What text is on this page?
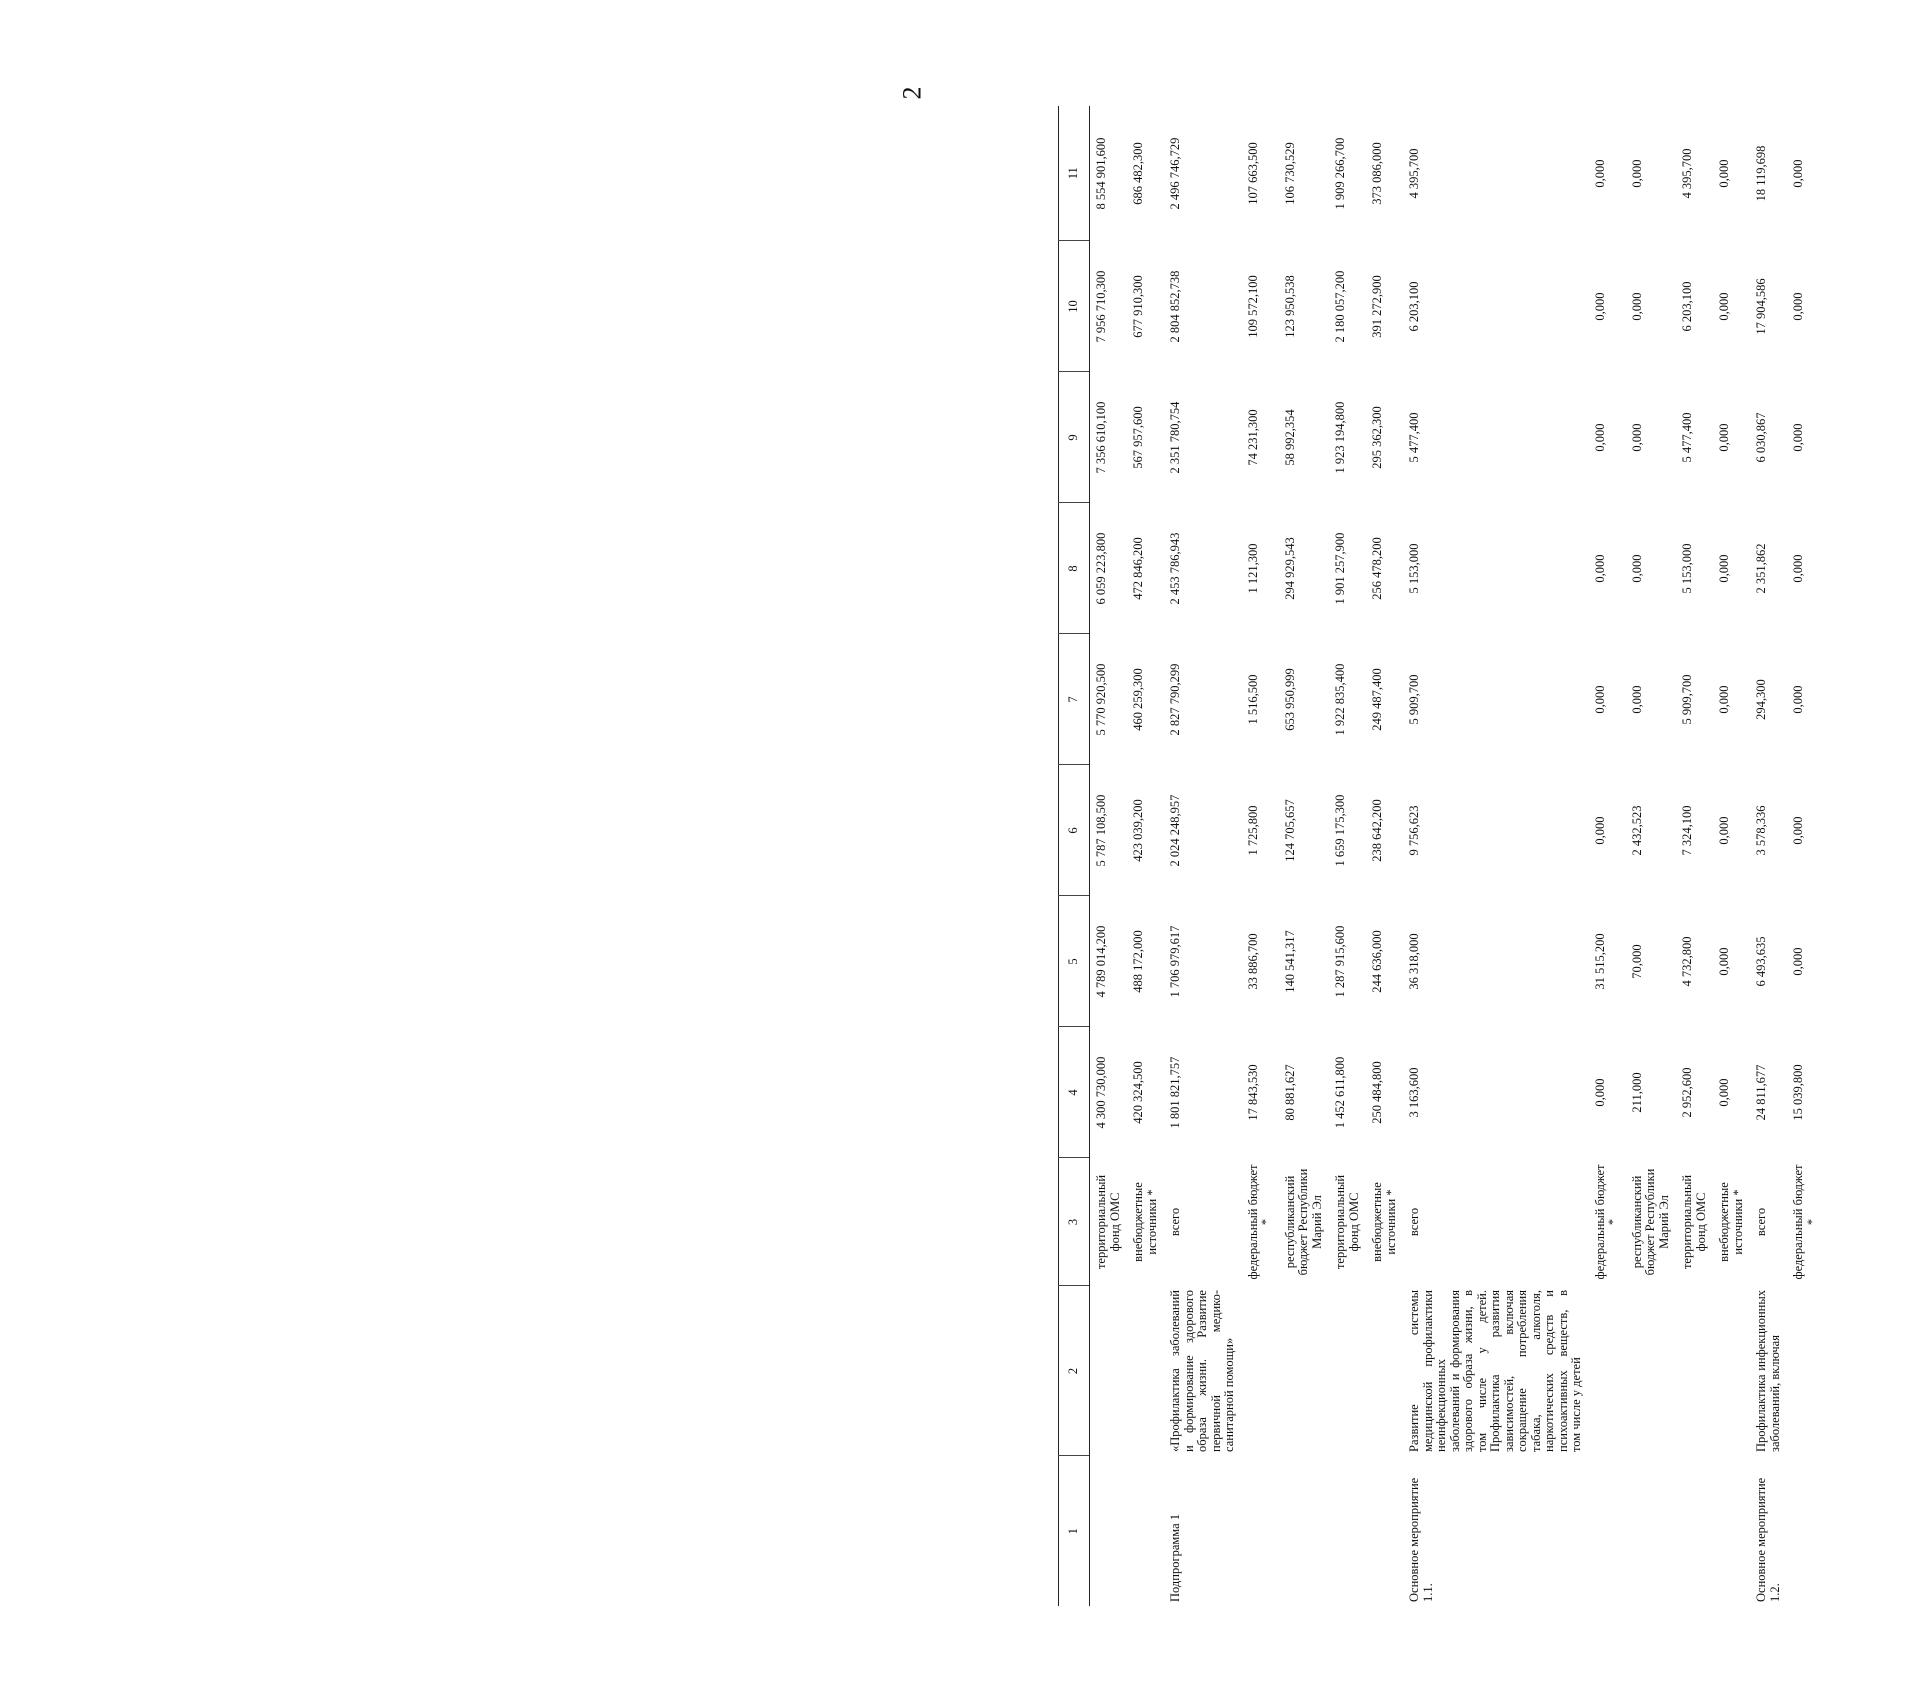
2
1	2	3	4	5	6	7	8	9	10	11
		территориальный фонд ОМС	4 300 730,000	4 789 014,200	5 787 108,500	5 770 920,500	6 059 223,800	7 356 610,100	7 956 710,300	8 554 901,600
		внебюджетные источники *	420 324,500	488 172,000	423 039,200	460 259,300	472 846,200	567 957,600	677 910,300	686 482,300
Подпрограмма 1	«Профилактика заболеваний и формирование здорового образа жизни. Развитие первичной медико-санитарной помощи»	всего	1 801 821,757	1 706 979,617	2 024 248,957	2 827 790,299	2 453 786,943	2 351 780,754	2 804 852,738	2 496 746,729
		федеральный бюджет *	17 843,530	33 886,700	1 725,800	1 516,500	1 121,300	74 231,300	109 572,100	107 663,500
		республиканский бюджет Республики Марий Эл	80 881,627	140 541,317	124 705,657	653 950,999	294 929,543	58 992,354	123 950,538	106 730,529
		территориальный фонд ОМС	1 452 611,800	1 287 915,600	1 659 175,300	1 922 835,400	1 901 257,900	1 923 194,800	2 180 057,200	1 909 266,700
		внебюджетные источники *	250 484,800	244 636,000	238 642,200	249 487,400	256 478,200	295 362,300	391 272,900	373 086,000
Основное мероприятие 1.1.	Развитие системы медицинской профилактики неинфекционных заболеваний и формирования здорового образа жизни, в том числе у детей. Профилактика развития зависимостей, включая сокращение потребления табака, алкоголя, наркотических средств и психоактивных веществ, в том числе у детей	всего	3 163,600	36 318,000	9 756,623	5 909,700	5 153,000	5 477,400	6 203,100	4 395,700
		федеральный бюджет *	0,000	31 515,200	0,000	0,000	0,000	0,000	0,000	0,000
		республиканский бюджет Республики Марий Эл	211,000	70,000	2 432,523	0,000	0,000	0,000	0,000	0,000
		территориальный фонд ОМС	2 952,600	4 732,800	7 324,100	5 909,700	5 153,000	5 477,400	6 203,100	4 395,700
		внебюджетные источники *	0,000	0,000	0,000	0,000	0,000	0,000	0,000	0,000
Основное мероприятие 1.2.	Профилактика инфекционных заболеваний, включая	всего	24 811,677	6 493,635	3 578,336	294,300	2 351,862	6 030,867	17 904,586	18 119,698
		федеральный бюджет *	15 039,800	0,000	0,000	0,000	0,000	0,000	0,000	0,000
